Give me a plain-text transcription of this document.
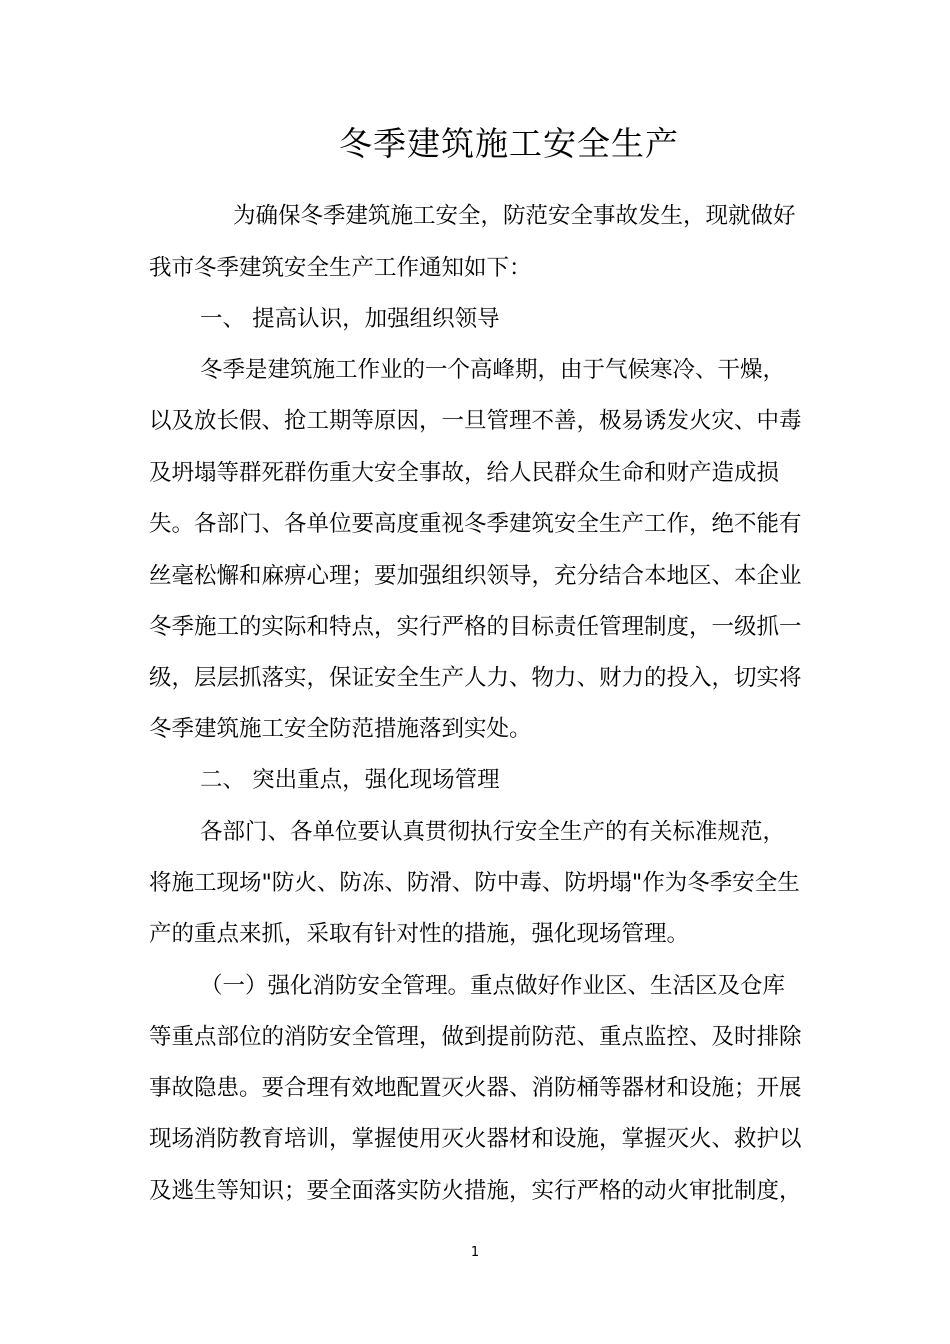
冬季建筑施工安全生产

为确保冬季建筑施工安全，防范安全事故发生，现就做好

我市冬季建筑安全生产工作通知如下：

一、 提高认识，加强组织领导

冬季是建筑施工作业的一个高峰期，由于气候寒冷、干燥，

以及放长假、抢工期等原因，一旦管理不善，极易诱发火灾、中毒

及坍塌等群死群伤重大安全事故，给人民群众生命和财产造成损

失。各部门、各单位要高度重视冬季建筑安全生产工作，绝不能有

丝毫松懈和麻痹心理；要加强组织领导，充分结合本地区、本企业

冬季施工的实际和特点，实行严格的目标责任管理制度，一级抓一

级，层层抓落实，保证安全生产人力、物力、财力的投入，切实将

冬季建筑施工安全防范措施落到实处。

二、 突出重点，强化现场管理

各部门、各单位要认真贯彻执行安全生产的有关标准规范，

将施工现场"防火、防冻、防滑、防中毒、防坍塌"作为冬季安全生

产的重点来抓，采取有针对性的措施，强化现场管理。

（一）强化消防安全管理。重点做好作业区、生活区及仓库

等重点部位的消防安全管理，做到提前防范、重点监控、及时排除

事故隐患。要合理有效地配置灭火器、消防桶等器材和设施；开展

现场消防教育培训，掌握使用灭火器材和设施，掌握灭火、救护以

及逃生等知识；要全面落实防火措施，实行严格的动火审批制度，

1
